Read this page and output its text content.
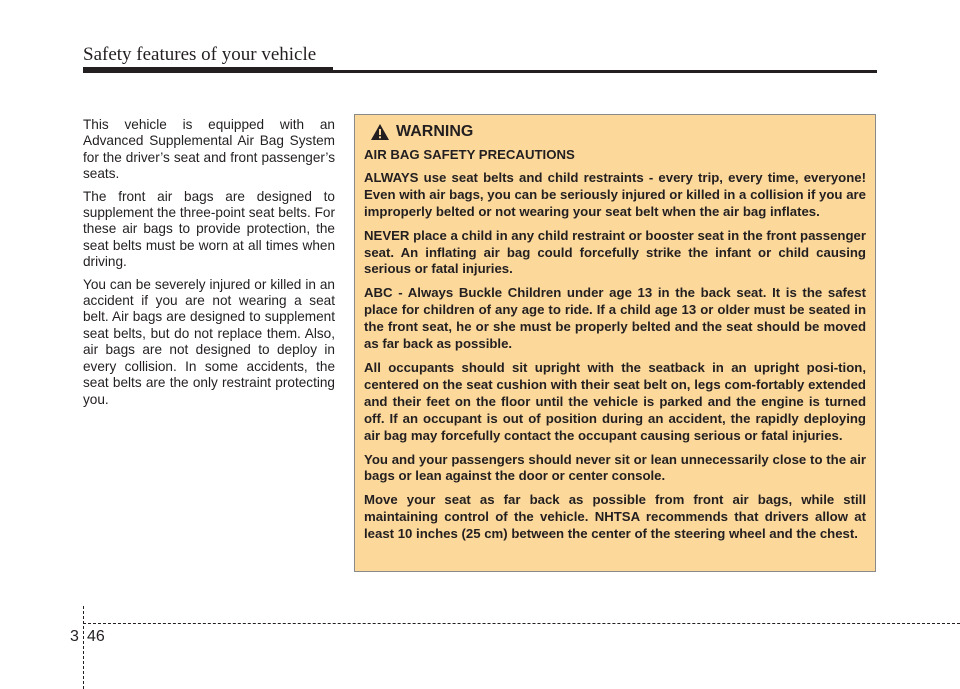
Safety features of your vehicle

This vehicle is equipped with an Advanced Supplemental Air Bag System for the driver’s seat and front passenger’s seats.

The front air bags are designed to supplement the three-point seat belts. For these air bags to provide protection, the seat belts must be worn at all times when driving.

You can be severely injured or killed in an accident if you are not wearing a seat belt. Air bags are designed to supplement seat belts, but do not replace them. Also, air bags are not designed to deploy in every collision. In some accidents, the seat belts are the only restraint protecting you.

WARNING

AIR BAG SAFETY PRECAUTIONS

ALWAYS use seat belts and child restraints - every trip, every time, everyone! Even with air bags, you can be seriously injured or killed in a collision if you are improperly belted or not wearing your seat belt when the air bag inflates.

NEVER place a child in any child restraint or booster seat in the front passenger seat. An inflating air bag could forcefully strike the infant or child causing serious or fatal injuries.

ABC - Always Buckle Children under age 13 in the back seat. It is the safest place for children of any age to ride. If a child age 13 or older must be seated in the front seat, he or she must be properly belted and the seat should be moved as far back as possible.

All occupants should sit upright with the seatback in an upright posi-tion, centered on the seat cushion with their seat belt on, legs com-fortably extended and their feet on the floor until the vehicle is parked and the engine is turned off. If an occupant is out of position during an accident, the rapidly deploying air bag may forcefully contact the occupant causing serious or fatal injuries.

You and your passengers should never sit or lean unnecessarily close to the air bags or lean against the door or center console.

Move your seat as far back as possible from front air bags, while still maintaining control of the vehicle. NHTSA recommends that drivers allow at least 10 inches (25 cm) between the center of the steering wheel and the chest.

3 46
